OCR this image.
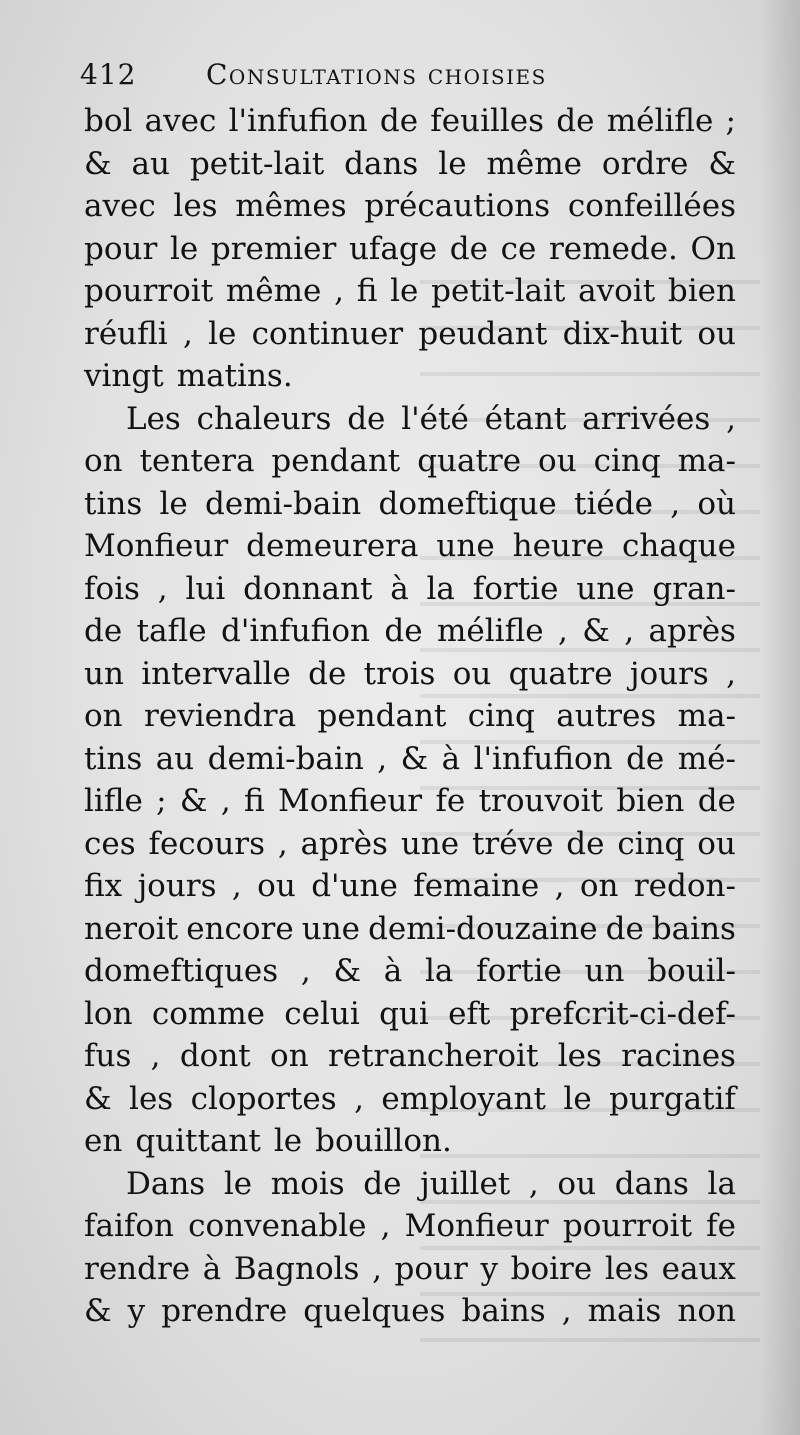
412 Consultations choisies
bol avec l'infufion de feuilles de mélifle ;
& au petit-lait dans le même ordre &
avec les mêmes précautions confeillées
pour le premier ufage de ce remede. On
pourroit même , fi le petit-lait avoit bien
réufli , le continuer peudant dix-huit ou
vingt matins.
Les chaleurs de l'été étant arrivées ,
on tentera pendant quatre ou cinq ma-
tins le demi-bain domeftique tiéde , où
Monfieur demeurera une heure chaque
fois , lui donnant à la fortie une gran-
de tafle d'infufion de mélifle , & , après
un intervalle de trois ou quatre jours ,
on reviendra pendant cinq autres ma-
tins au demi-bain , & à l'infufion de mé-
lifle ; & , fi Monfieur fe trouvoit bien de
ces fecours , après une tréve de cinq ou
fix jours , ou d'une femaine , on redon-
neroit encore une demi-douzaine de bains
domeftiques , & à la fortie un bouil-
lon comme celui qui eft prefcrit-ci-def-
fus , dont on retrancheroit les racines
& les cloportes , employant le purgatif
en quittant le bouillon.
Dans le mois de juillet , ou dans la
faifon convenable , Monfieur pourroit fe
rendre à Bagnols , pour y boire les eaux
& y prendre quelques bains , mais non
